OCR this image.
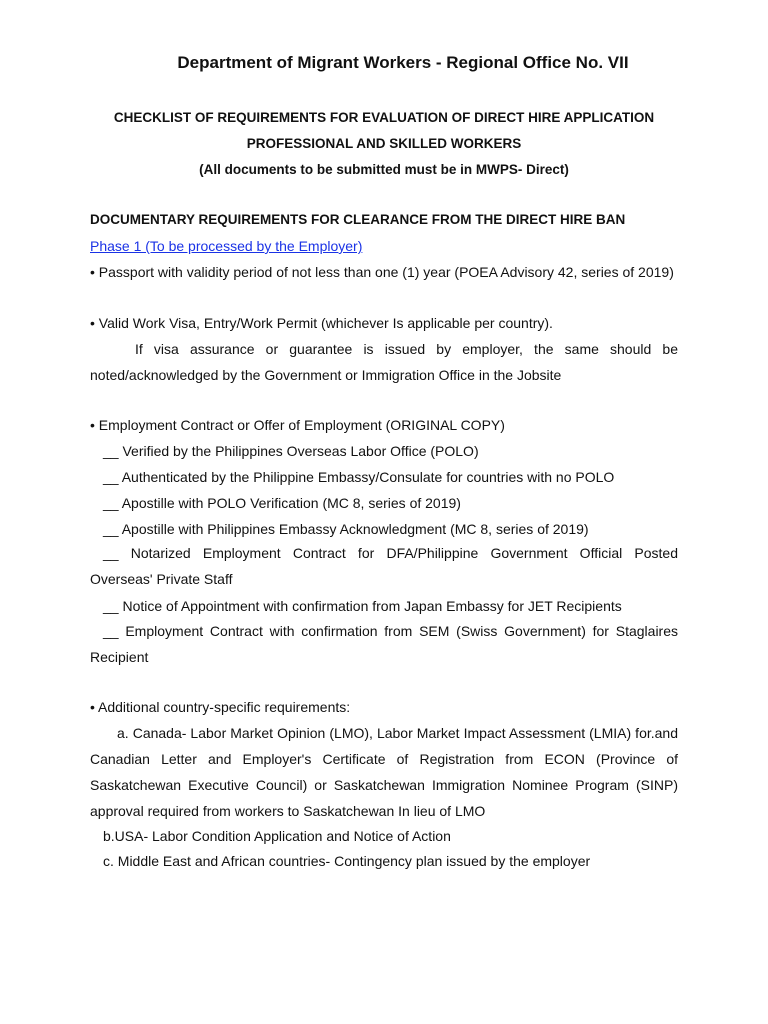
Department of Migrant Workers - Regional Office No. VII
CHECKLIST OF REQUIREMENTS FOR EVALUATION OF DIRECT HIRE APPLICATION
PROFESSIONAL AND SKILLED WORKERS
(All documents to be submitted must be in MWPS- Direct)
DOCUMENTARY REQUIREMENTS FOR CLEARANCE FROM THE DIRECT HIRE BAN
Phase 1 (To be processed by the Employer)
• Passport with validity period of not less than one (1) year (POEA Advisory 42, series of 2019)
• Valid Work Visa, Entry/Work Permit (whichever Is applicable per country).
If visa assurance or guarantee is issued by employer, the same should be noted/acknowledged by the Government or Immigration Office in the Jobsite
• Employment Contract or Offer of Employment (ORIGINAL COPY)
__ Verified by the Philippines Overseas Labor Office (POLO)
__ Authenticated by the Philippine Embassy/Consulate for countries with no POLO
__ Apostille with POLO Verification (MC 8, series of 2019)
__ Apostille with Philippines Embassy Acknowledgment (MC 8, series of 2019)
__ Notarized Employment Contract for DFA/Philippine Government Official Posted Overseas' Private Staff
__ Notice of Appointment with confirmation from Japan Embassy for JET Recipients
__ Employment Contract with confirmation from SEM (Swiss Government) for Staglaires Recipient
• Additional country-specific requirements:
a. Canada- Labor Market Opinion (LMO), Labor Market Impact Assessment (LMIA) for.and Canadian Letter and Employer's Certificate of Registration from ECON (Province of Saskatchewan Executive Council) or Saskatchewan Immigration Nominee Program (SINP) approval required from workers to Saskatchewan In lieu of LMO
b.USA- Labor Condition Application and Notice of Action
c. Middle East and African countries- Contingency plan issued by the employer
